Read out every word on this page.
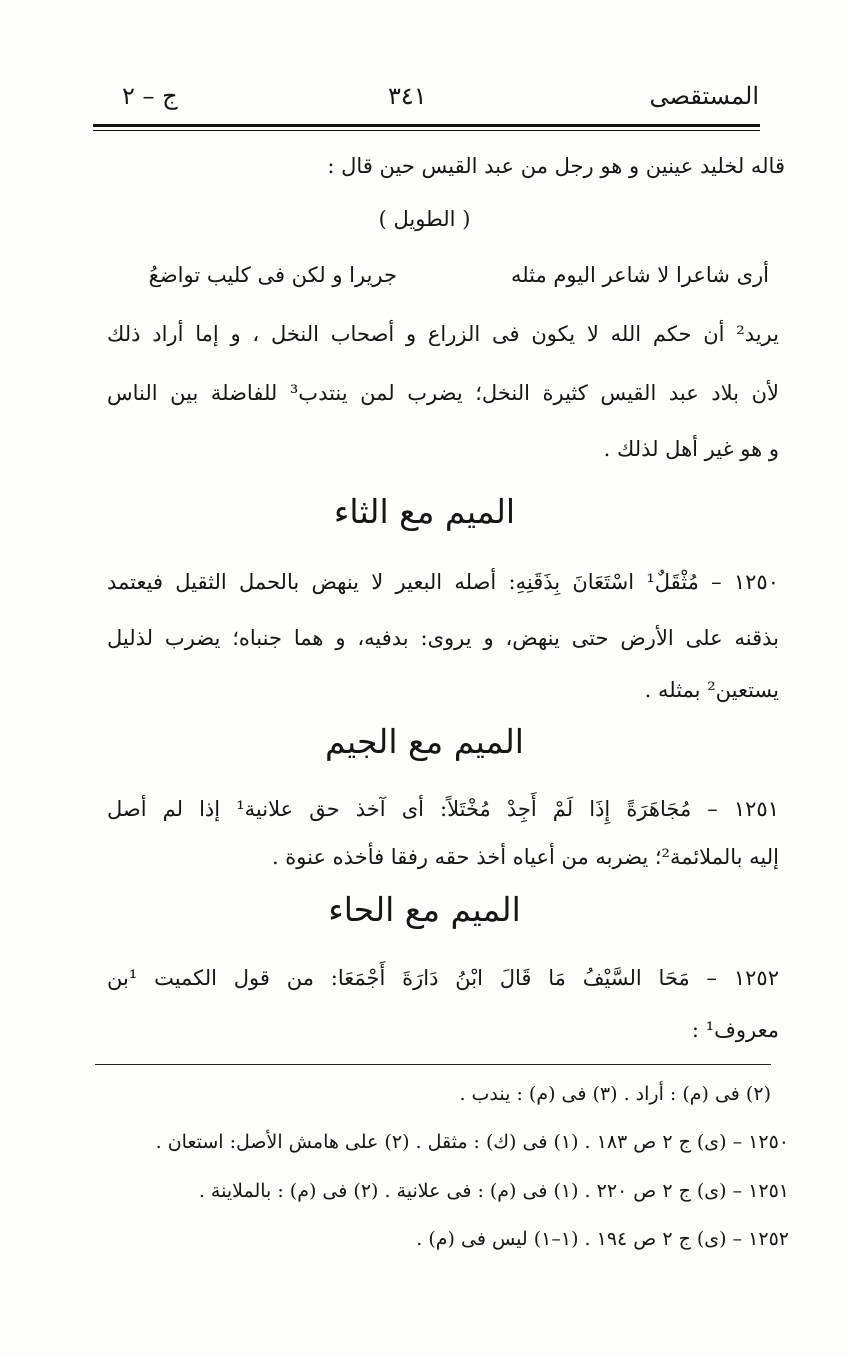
المستقصى
٣٤١
ج – ٢
قاله لخليد عينين و هو رجل من عبد القيس حين قال :
( الطويل )
أرى شاعرا لا شاعر اليوم مثله
جريرا و لكن فى كليب تواضعُ
يريد² أن حكم الله لا يكون فى الزراع و أصحاب النخل ، و إما أراد ذلك
لأن بلاد عبد القيس كثيرة النخل؛ يضرب لمن ينتدب³ للفاضلة بين الناس
و هو غير أهل لذلك .
الميم مع الثاء
١٢٥٠ – مُثْقَلٌ¹ اسْتَعَانَ بِذَقَنِهِ: أصله البعير لا ينهض بالحمل الثقيل فيعتمد
بذقنه على الأرض حتى ينهض، و يروى: بدفيه، و هما جنباه؛ يضرب لذليل
يستعين² بمثله .
الميم مع الجيم
١٢٥١ – مُجَاهَرَةً إِذَا لَمْ أَجِدْ مُخْتَلاً: أى آخذ حق علانية¹ إذا لم أصل
إليه بالملائمة²؛ يضربه من أعياه أخذ حقه رفقا فأخذه عنوة .
الميم مع الحاء
١٢٥٢ – مَحَا السَّيْفُ مَا قَالَ ابْنُ دَارَةَ أَجْمَعَا: من قول الكميت ¹بن
معروف¹ :
(٢) فى (م) : أراد . (٣) فى (م) : يندب .
١٢٥٠ – (ى) ج ٢ ص ١٨٣ . (١) فى (ك) : مثقل . (٢) على هامش الأصل: استعان .
١٢٥١ – (ى) ج ٢ ص ٢٢٠ . (١) فى (م) : فى علانية . (٢) فى (م) : بالملاينة .
١٢٥٢ – (ى) ج ٢ ص ١٩٤ . (١–١) ليس فى (م) .
